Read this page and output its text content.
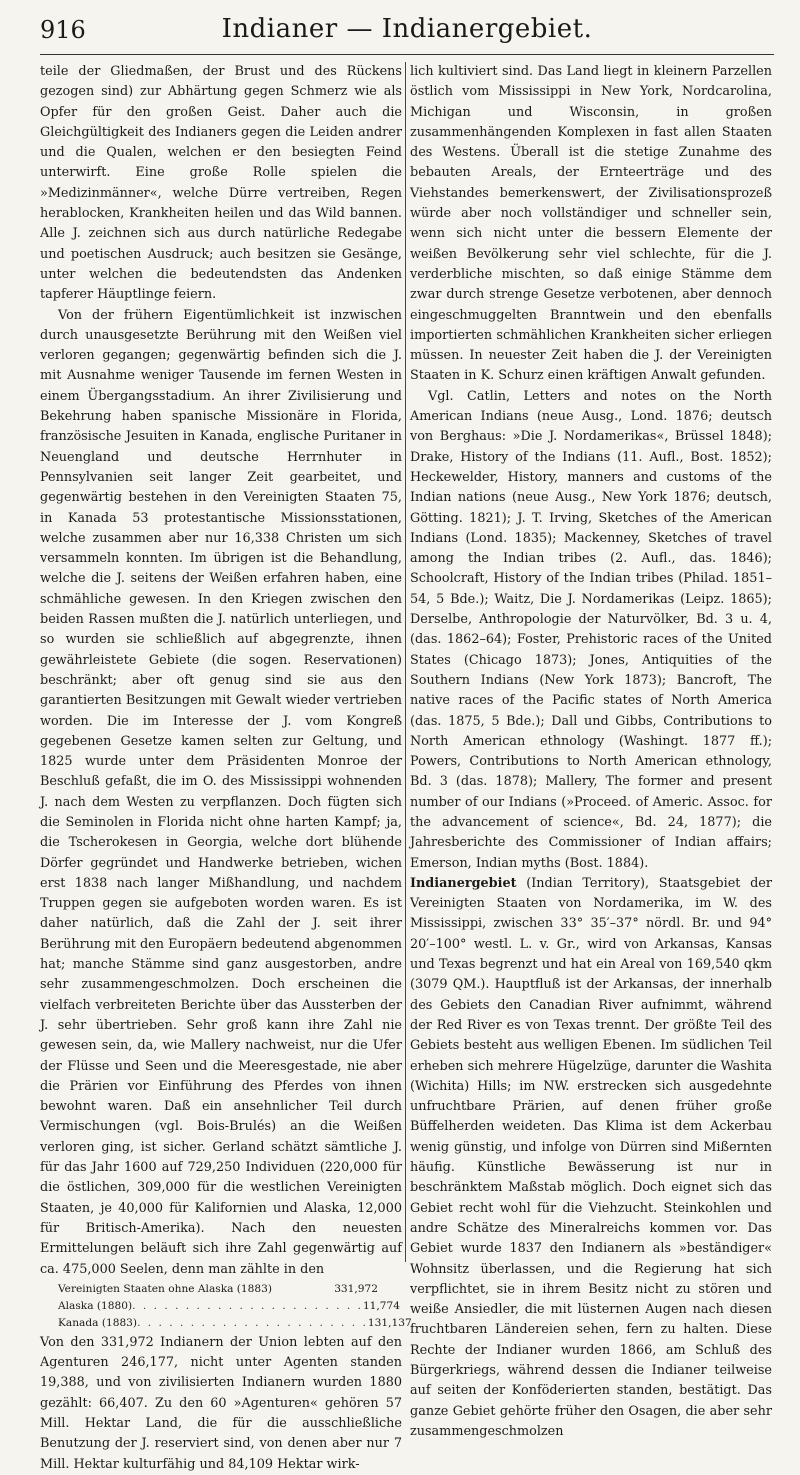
916	Indianer — Indianergebiet.

teile der Gliedmaßen, der Brust und des Rückens gezogen sind) zur Abhärtung gegen Schmerz wie als Opfer für den großen Geist. Daher auch die Gleichgültigkeit des Indianers gegen die Leiden andrer und die Qualen, welchen er den besiegten Feind unterwirft. Eine große Rolle spielen die »Medizinmänner«, welche Dürre vertreiben, Regen herablocken, Krankheiten heilen und das Wild bannen. Alle J. zeichnen sich aus durch natürliche Redegabe und poetischen Ausdruck; auch besitzen sie Gesänge, unter welchen die bedeutendsten das Andenken tapferer Häuptlinge feiern.

Von der frühern Eigentümlichkeit ist inzwischen durch unausgesetzte Berührung mit den Weißen viel verloren gegangen; gegenwärtig befinden sich die J. mit Ausnahme weniger Tausende im fernen Westen in einem Übergangsstadium. An ihrer Zivilisierung und Bekehrung haben spanische Missionäre in Florida, französische Jesuiten in Kanada, englische Puritaner in Neuengland und deutsche Herrnhuter in Pennsylvanien seit langer Zeit gearbeitet, und gegenwärtig bestehen in den Vereinigten Staaten 75, in Kanada 53 protestantische Missionsstationen, welche zusammen aber nur 16,338 Christen um sich versammeln konnten. Im übrigen ist die Behandlung, welche die J. seitens der Weißen erfahren haben, eine schmähliche gewesen. In den Kriegen zwischen den beiden Rassen mußten die J. natürlich unterliegen, und so wurden sie schließlich auf abgegrenzte, ihnen gewährleistete Gebiete (die sogen. Reservationen) beschränkt; aber oft genug sind sie aus den garantierten Besitzungen mit Gewalt wieder vertrieben worden. Die im Interesse der J. vom Kongreß gegebenen Gesetze kamen selten zur Geltung, und 1825 wurde unter dem Präsidenten Monroe der Beschluß gefaßt, die im O. des Mississippi wohnenden J. nach dem Westen zu verpflanzen. Doch fügten sich die Seminolen in Florida nicht ohne harten Kampf; ja, die Tscherokesen in Georgia, welche dort blühende Dörfer gegründet und Handwerke betrieben, wichen erst 1838 nach langer Mißhandlung, und nachdem Truppen gegen sie aufgeboten worden waren. Es ist daher natürlich, daß die Zahl der J. seit ihrer Berührung mit den Europäern bedeutend abgenommen hat; manche Stämme sind ganz ausgestorben, andre sehr zusammengeschmolzen. Doch erscheinen die vielfach verbreiteten Berichte über das Aussterben der J. sehr übertrieben. Sehr groß kann ihre Zahl nie gewesen sein, da, wie Mallery nachweist, nur die Ufer der Flüsse und Seen und die Meeresgestade, nie aber die Prärien vor Einführung des Pferdes von ihnen bewohnt waren. Daß ein ansehnlicher Teil durch Vermischungen (vgl. Bois-Brulés) an die Weißen verloren ging, ist sicher. Gerland schätzt sämtliche J. für das Jahr 1600 auf 729,250 Individuen (220,000 für die östlichen, 309,000 für die westlichen Vereinigten Staaten, je 40,000 für Kalifornien und Alaska, 12,000 für Britisch-Amerika). Nach den neuesten Ermittelungen beläuft sich ihre Zahl gegenwärtig auf ca. 475,000 Seelen, denn man zählte in den

Vereinigten Staaten ohne Alaska (1883)	331,972
Alaska (1880) . . . . . . . . . . . . . . . . . . . . . . 11,774
Kanada (1883) . . . . . . . . . . . . . . . . . . . . . . 131,137

Von den 331,972 Indianern der Union lebten auf den Agenturen 246,177, nicht unter Agenten standen 19,388, und von zivilisierten Indianern wurden 1880 gezählt: 66,407. Zu den 60 »Agenturen« gehören 57 Mill. Hektar Land, die für die ausschließliche Benutzung der J. reserviert sind, von denen aber nur 7 Mill. Hektar kulturfähig und 84,109 Hektar wirk-

lich kultiviert sind. Das Land liegt in kleinern Parzellen östlich vom Mississippi in New York, Nordcarolina, Michigan und Wisconsin, in großen zusammenhängenden Komplexen in fast allen Staaten des Westens. Überall ist die stetige Zunahme des bebauten Areals, der Ernteerträge und des Viehstandes bemerkenswert, der Zivilisationsprozeß würde aber noch vollständiger und schneller sein, wenn sich nicht unter die bessern Elemente der weißen Bevölkerung sehr viel schlechte, für die J. verderbliche mischten, so daß einige Stämme dem zwar durch strenge Gesetze verbotenen, aber dennoch eingeschmuggelten Branntwein und den ebenfalls importierten schmählichen Krankheiten sicher erliegen müssen. In neuester Zeit haben die J. der Vereinigten Staaten in K. Schurz einen kräftigen Anwalt gefunden.

Vgl. Catlin, Letters and notes on the North American Indians (neue Ausg., Lond. 1876; deutsch von Berghaus: »Die J. Nordamerikas«, Brüssel 1848); Drake, History of the Indians (11. Aufl., Bost. 1852); Heckewelder, History, manners and customs of the Indian nations (neue Ausg., New York 1876; deutsch, Götting. 1821); J. T. Irving, Sketches of the American Indians (Lond. 1835); Mackenney, Sketches of travel among the Indian tribes (2. Aufl., das. 1846); Schoolcraft, History of the Indian tribes (Philad. 1851–54, 5 Bde.); Waitz, Die J. Nordamerikas (Leipz. 1865); Derselbe, Anthropologie der Naturvölker, Bd. 3 u. 4, (das. 1862–64); Foster, Prehistoric races of the United States (Chicago 1873); Jones, Antiquities of the Southern Indians (New York 1873); Bancroft, The native races of the Pacific states of North America (das. 1875, 5 Bde.); Dall und Gibbs, Contributions to North American ethnology (Washingt. 1877 ff.); Powers, Contributions to North American ethnology, Bd. 3 (das. 1878); Mallery, The former and present number of our Indians (»Proceed. of Americ. Assoc. for the advancement of science«, Bd. 24, 1877); die Jahresberichte des Commissioner of Indian affairs; Emerson, Indian myths (Bost. 1884).

Indianergebiet (Indian Territory), Staatsgebiet der Vereinigten Staaten von Nordamerika, im W. des Mississippi, zwischen 33° 35′–37° nördl. Br. und 94° 20′–100° westl. L. v. Gr., wird von Arkansas, Kansas und Texas begrenzt und hat ein Areal von 169,540 qkm (3079 QM.). Hauptfluß ist der Arkansas, der innerhalb des Gebiets den Canadian River aufnimmt, während der Red River es von Texas trennt. Der größte Teil des Gebiets besteht aus welligen Ebenen. Im südlichen Teil erheben sich mehrere Hügelzüge, darunter die Washita (Wichita) Hills; im NW. erstrecken sich ausgedehnte unfruchtbare Prärien, auf denen früher große Büffelherden weideten. Das Klima ist dem Ackerbau wenig günstig, und infolge von Dürren sind Mißernten häufig. Künstliche Bewässerung ist nur in beschränktem Maßstab möglich. Doch eignet sich das Gebiet recht wohl für die Viehzucht. Steinkohlen und andre Schätze des Mineralreichs kommen vor. Das Gebiet wurde 1837 den Indianern als »beständiger« Wohnsitz überlassen, und die Regierung hat sich verpflichtet, sie in ihrem Besitz nicht zu stören und weiße Ansiedler, die mit lüsternen Augen nach diesen fruchtbaren Ländereien sehen, fern zu halten. Diese Rechte der Indianer wurden 1866, am Schluß des Bürgerkriegs, während dessen die Indianer teilweise auf seiten der Konföderierten standen, bestätigt. Das ganze Gebiet gehörte früher den Osagen, die aber sehr zusammengeschmolzen
